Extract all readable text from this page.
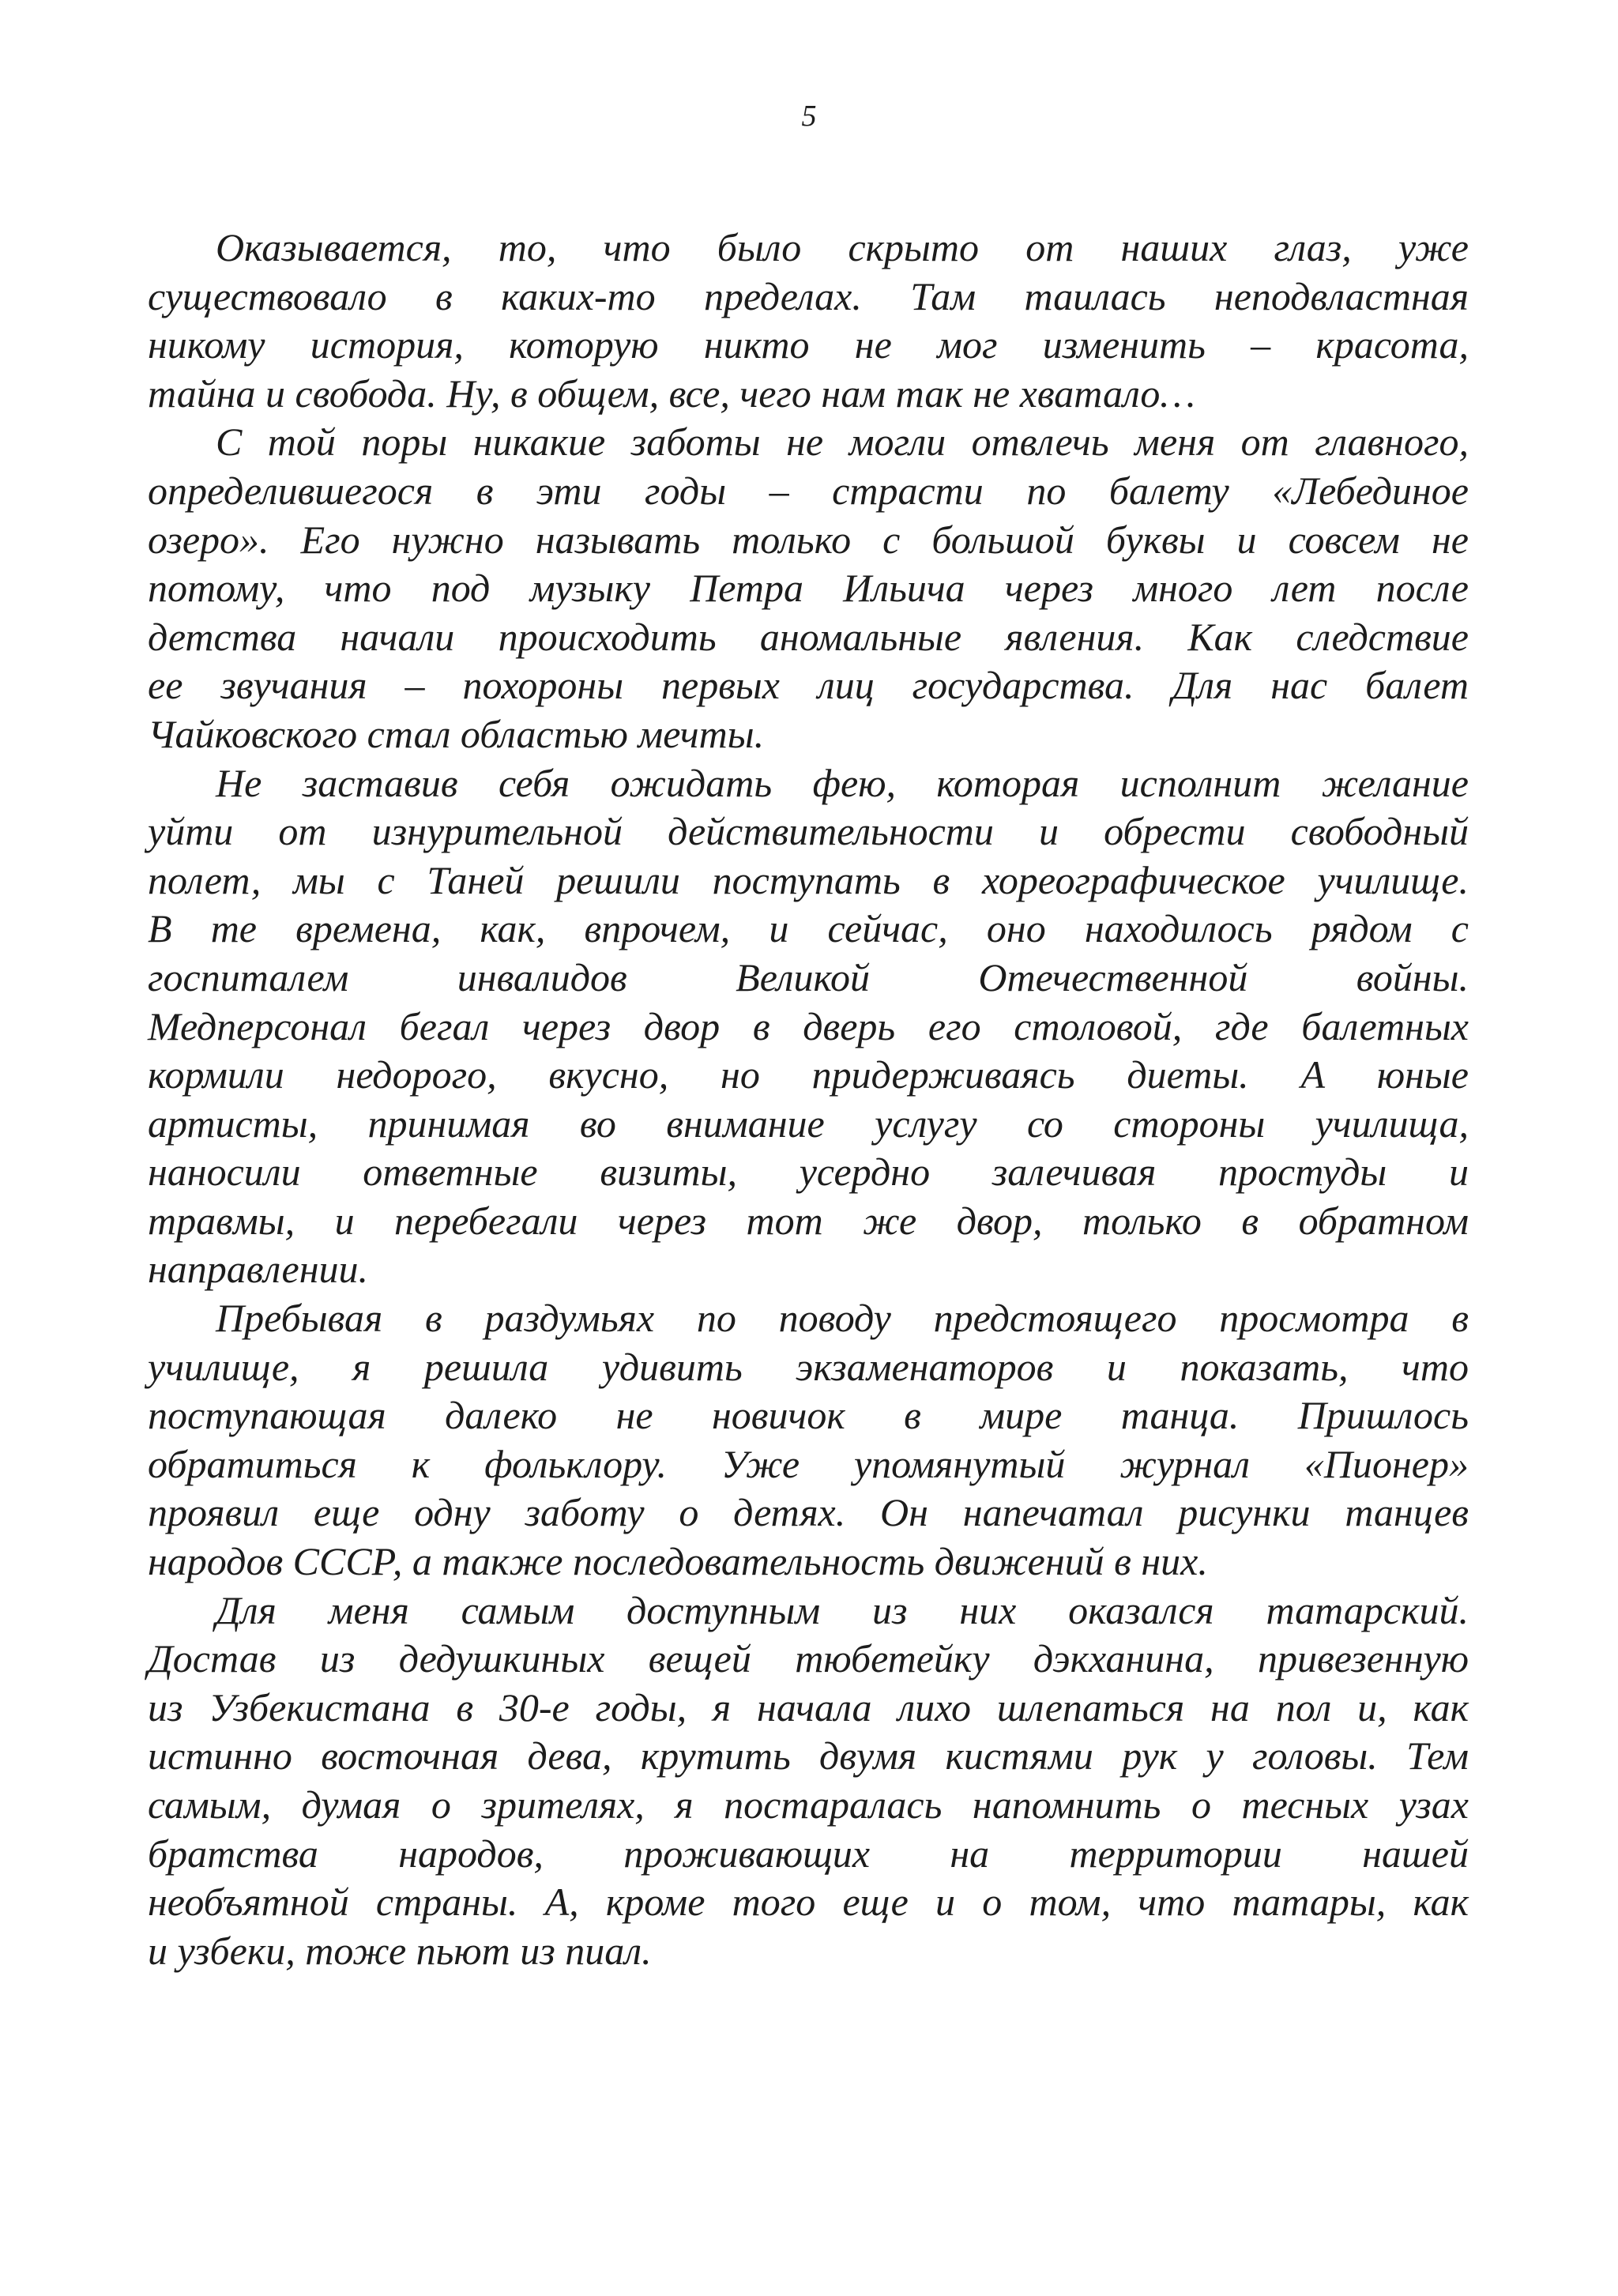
5
Оказывается, то, что было скрыто от наших глаз, уже
существовало в каких-то пределах. Там таилась неподвластная
никому история, которую никто не мог изменить – красота,
тайна и свобода. Ну, в общем, все, чего нам так не хватало…
С той поры никакие заботы не могли отвлечь меня от главного,
определившегося в эти годы – страсти по балету «Лебединое
озеро». Его нужно называть только с большой буквы и совсем не
потому, что под музыку Петра Ильича через много лет после
детства начали происходить аномальные явления. Как следствие
ее звучания – похороны первых лиц государства. Для нас балет
Чайковского стал областью мечты.
Не заставив себя ожидать фею, которая исполнит желание
уйти от изнурительной действительности и обрести свободный
полет, мы с Таней решили поступать в хореографическое училище.
В те времена, как, впрочем, и сейчас, оно находилось рядом с
госпиталем инвалидов Великой Отечественной войны.
Медперсонал бегал через двор в дверь его столовой, где балетных
кормили недорого, вкусно, но придерживаясь диеты. А юные
артисты, принимая во внимание услугу со стороны училища,
наносили ответные визиты, усердно залечивая простуды и
травмы, и перебегали через тот же двор, только в обратном
направлении.
Пребывая в раздумьях по поводу предстоящего просмотра в
училище, я решила удивить экзаменаторов и показать, что
поступающая далеко не новичок в мире танца. Пришлось
обратиться к фольклору. Уже упомянутый журнал «Пионер»
проявил еще одну заботу о детях. Он напечатал рисунки танцев
народов СССР, а также последовательность движений в них.
Для меня самым доступным из них оказался татарский.
Достав из дедушкиных вещей тюбетейку дэкханина, привезенную
из Узбекистана в 30-е годы, я начала лихо шлепаться на пол и, как
истинно восточная дева, крутить двумя кистями рук у головы. Тем
самым, думая о зрителях, я постаралась напомнить о тесных узах
братства народов, проживающих на территории нашей
необъятной страны. А, кроме того еще и о том, что татары, как
и узбеки, тоже пьют из пиал.
